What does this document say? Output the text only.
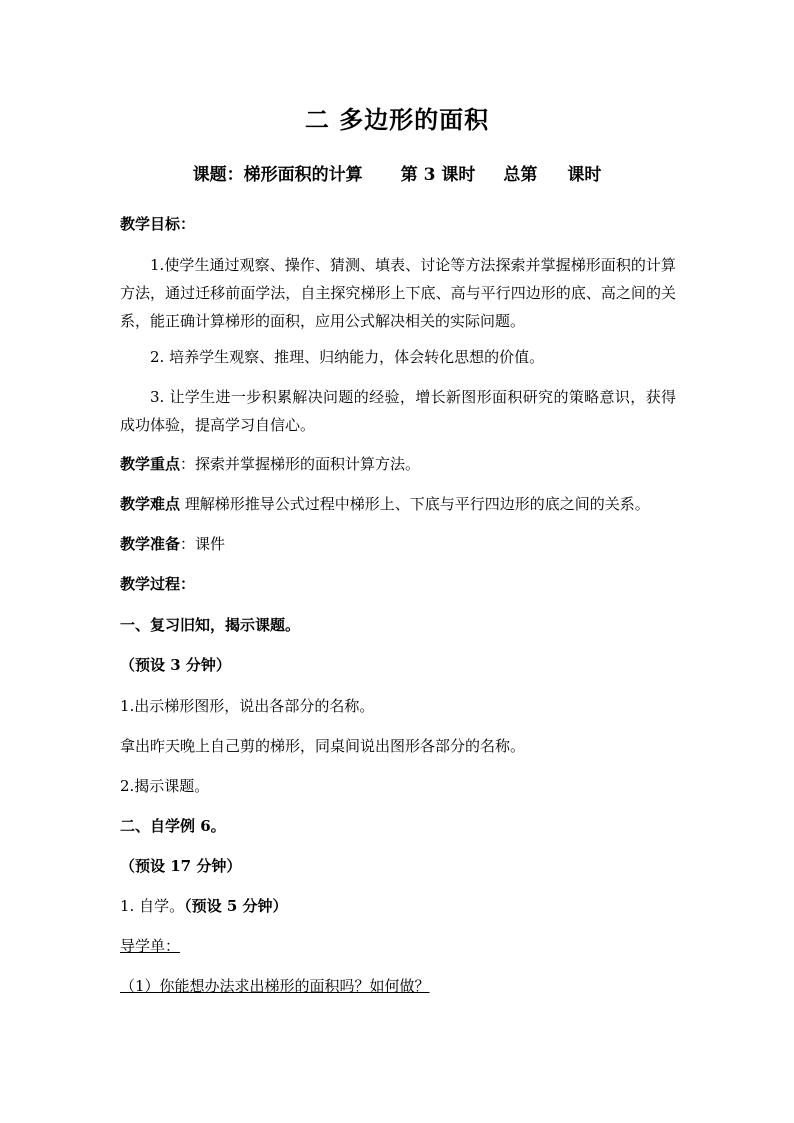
二 多边形的面积
课题：梯形面积的计算 第 3 课时 总第 课时
教学目标：
1.使学生通过观察、操作、猜测、填表、讨论等方法探索并掌握梯形面积的计算方法，通过迁移前面学法，自主探究梯形上下底、高与平行四边形的底、高之间的关系，能正确计算梯形的面积，应用公式解决相关的实际问题。
2. 培养学生观察、推理、归纳能力，体会转化思想的价值。
3. 让学生进一步积累解决问题的经验，增长新图形面积研究的策略意识，获得成功体验，提高学习自信心。
教学重点：探索并掌握梯形的面积计算方法。
教学难点 理解梯形推导公式过程中梯形上、下底与平行四边形的底之间的关系。
教学准备：课件
教学过程：
一、复习旧知，揭示课题。
（预设 3 分钟）
1.出示梯形图形，说出各部分的名称。
拿出昨天晚上自己剪的梯形，同桌间说出图形各部分的名称。
2.揭示课题。
二、自学例 6。
（预设 17 分钟）
1. 自学。（预设 5 分钟）
导学单：
（1）你能想办法求出梯形的面积吗？如何做？
